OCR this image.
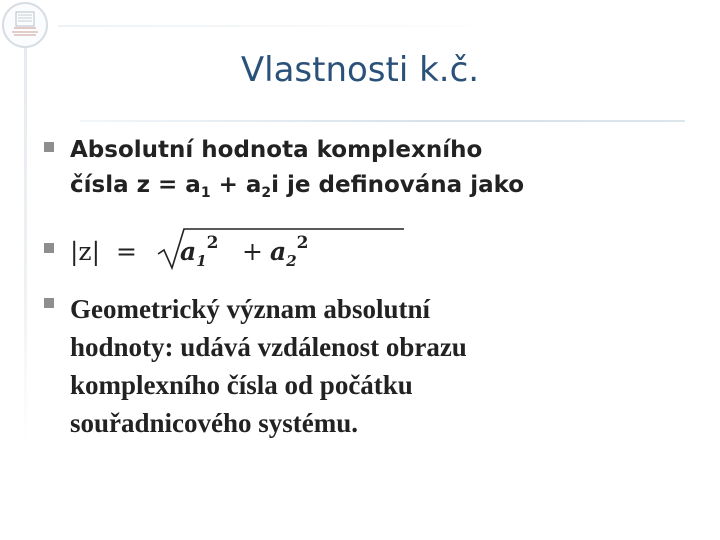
Vlastnosti k.č.
Absolutní hodnota komplexního
čísla $z = a_1 + a_2i$ je definována jako
$|z| = a_1^2 + a_2^2$
Geometrický význam absolutní
hodnoty: udává vzdálenost obrazu
komplexního čísla od počátku
souřadnicového systému.
